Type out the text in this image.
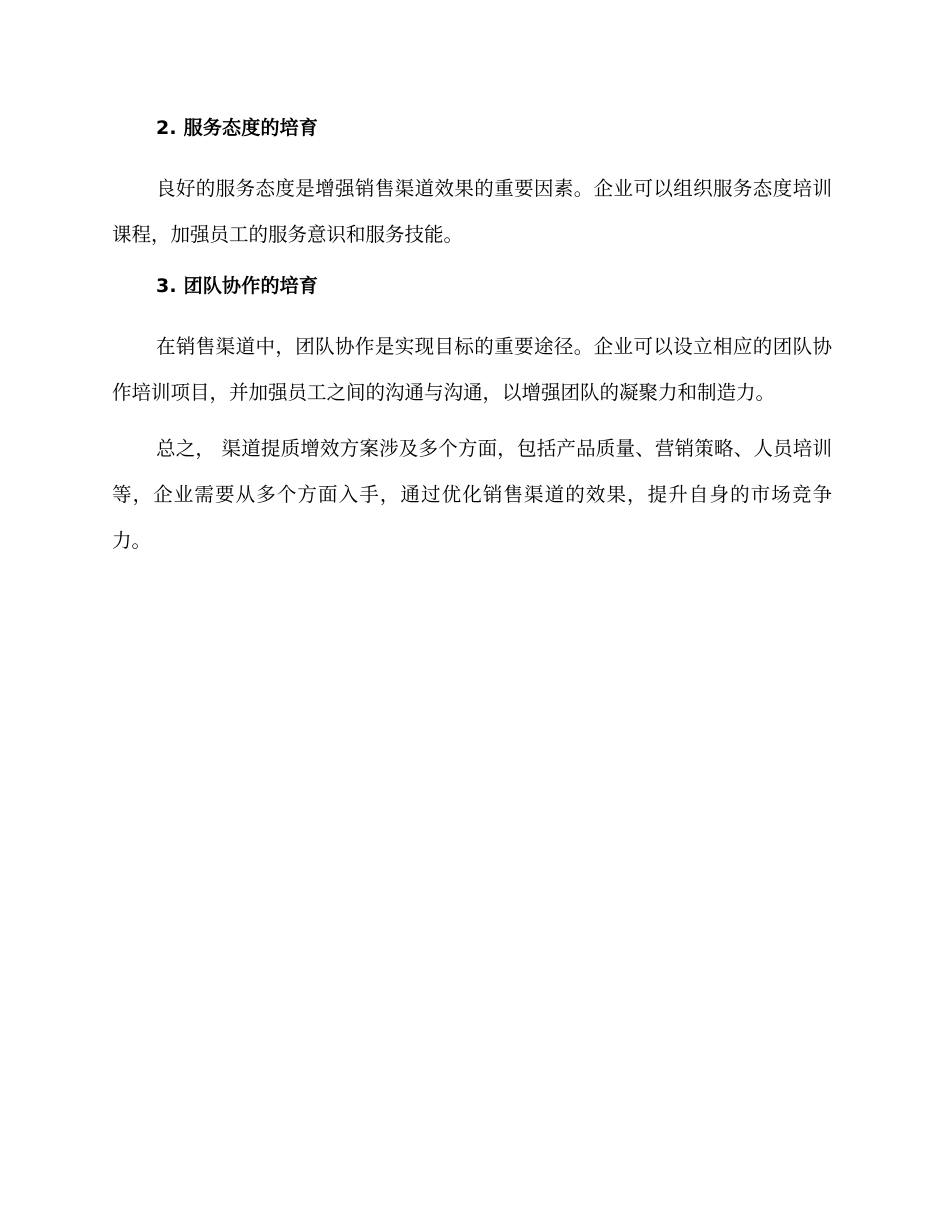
2. 服务态度的培育

良好的服务态度是增强销售渠道效果的重要因素。企业可以组织服务态度培训课程，加强员工的服务意识和服务技能。

3. 团队协作的培育

在销售渠道中，团队协作是实现目标的重要途径。企业可以设立相应的团队协作培训项目，并加强员工之间的沟通与沟通，以增强团队的凝聚力和制造力。

总之， 渠道提质增效方案涉及多个方面，包括产品质量、营销策略、人员培训等，企业需要从多个方面入手，通过优化销售渠道的效果，提升自身的市场竞争力。
